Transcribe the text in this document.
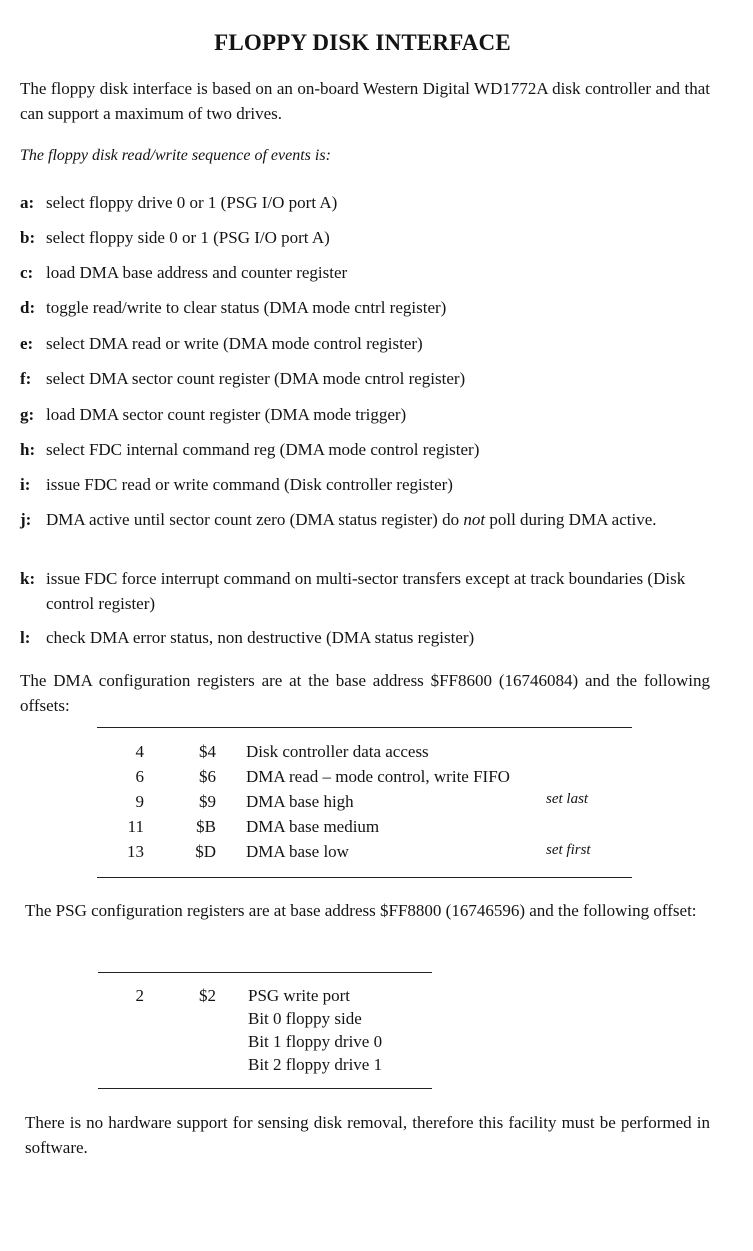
FLOPPY DISK INTERFACE
The floppy disk interface is based on an on-board Western Digital WD1772A disk controller and that can support a maximum of two drives.
The floppy disk read/write sequence of events is:
a: select floppy drive 0 or 1 (PSG I/O port A)
b: select floppy side 0 or 1 (PSG I/O port A)
c: load DMA base address and counter register
d: toggle read/write to clear status (DMA mode cntrl register)
e: select DMA read or write (DMA mode control register)
f: select DMA sector count register (DMA mode cntrol register)
g: load DMA sector count register (DMA mode trigger)
h: select FDC internal command reg (DMA mode control register)
i: issue FDC read or write command (Disk controller register)
j: DMA active until sector count zero (DMA status register) do not poll during DMA active.
k: issue FDC force interrupt command on multi-sector transfers except at track boundaries (Disk control register)
l: check DMA error status, non destructive (DMA status register)
The DMA configuration registers are at the base address $FF8600 (16746084) and the following offsets:
4	$4 Disk controller data access
6	$6 DMA read – mode control, write FIFO
9	$9 DMA base high	set last
11	$B DMA base medium
13	$D DMA base low	set first
The PSG configuration registers are at base address $FF8800 (16746596) and the following offset:
2	$2 PSG write port
Bit 0 floppy side
Bit 1 floppy drive 0
Bit 2 floppy drive 1
There is no hardware support for sensing disk removal, therefore this facility must be performed in software.
